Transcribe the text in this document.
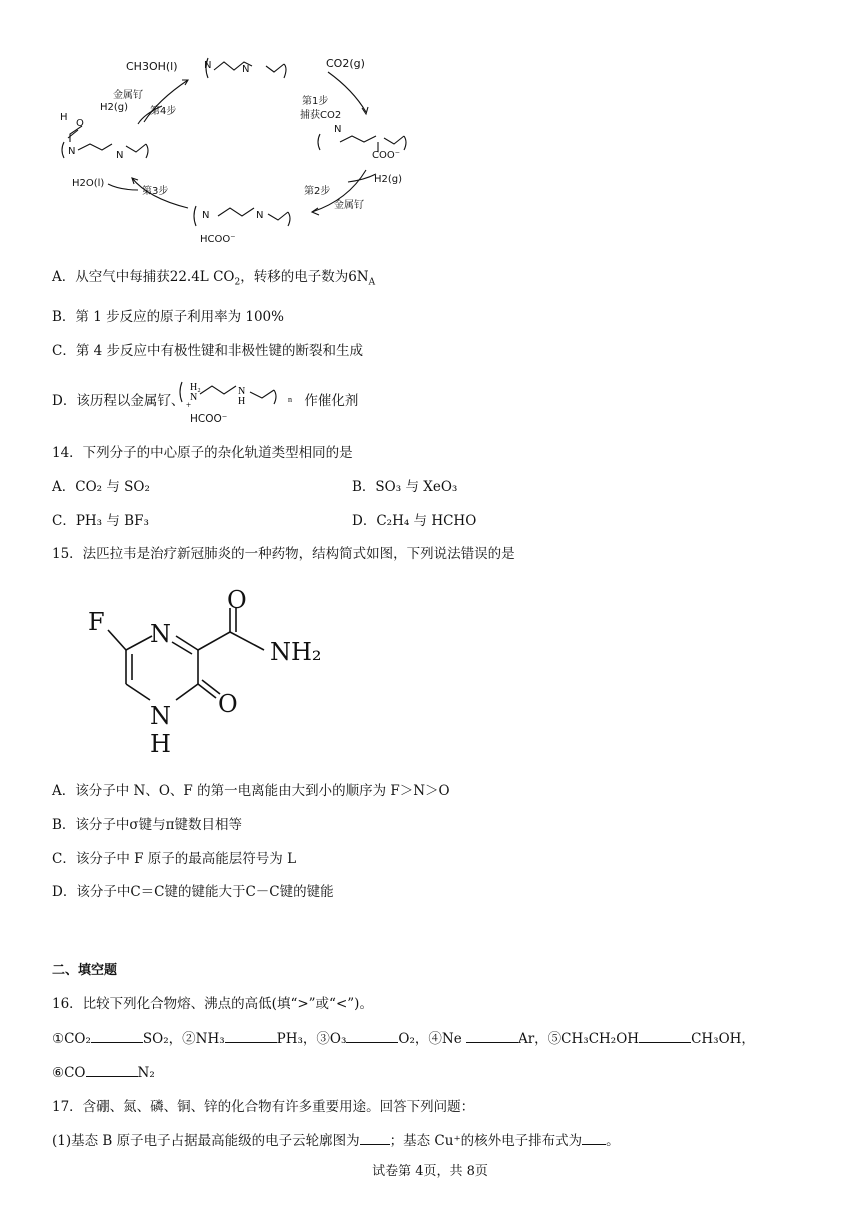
CH3OH(l)	CO2(g)
N	N
金属钌
H2(g) 第4步
第1步
捕获CO2
N
COO⁻
H
O
N	N
H2O(l)
第3步	第2步
H2(g)
金属钌
N	N
HCOO⁻
A．从空气中每捕获22.4L $CO_2$，转移的电子数为$6N_A$
B．第 1 步反应的原子利用率为 100%
C．第 4 步反应中有极性键和非极性键的断裂和生成
D．该历程以金属钌、	作催化剂
H₂
N
+
N
H	n
HCOO⁻
14．下列分子的中心原子的杂化轨道类型相同的是
A．CO₂ 与 SO₂	B．SO₃ 与 XeO₃
C．PH₃ 与 BF₃	D．C₂H₄ 与 HCHO
15．法匹拉韦是治疗新冠肺炎的一种药物，结构简式如图，下列说法错误的是
F N
O
NH₂
O
N
H
A．该分子中 N、O、F 的第一电离能由大到小的顺序为 F＞N＞O
B．该分子中σ键与π键数目相等
C．该分子中 F 原子的最高能层符号为 L
D．该分子中C＝C键的键能大于C－C键的键能
二、填空题
16．比较下列化合物熔、沸点的高低(填“>”或“<”)。
①CO₂	SO₂，②NH₃	PH₃，③O₃	O₂，④Ne	Ar，⑤CH₃CH₂OH	CH₃OH，
⑥CO	N₂
17．含硼、氮、磷、铜、锌的化合物有许多重要用途。回答下列问题：
(1)基态 B 原子电子占据最高能级的电子云轮廓图为 ；基态 Cu⁺的核外电子排布式为 。
试卷第 4页，共 8页
